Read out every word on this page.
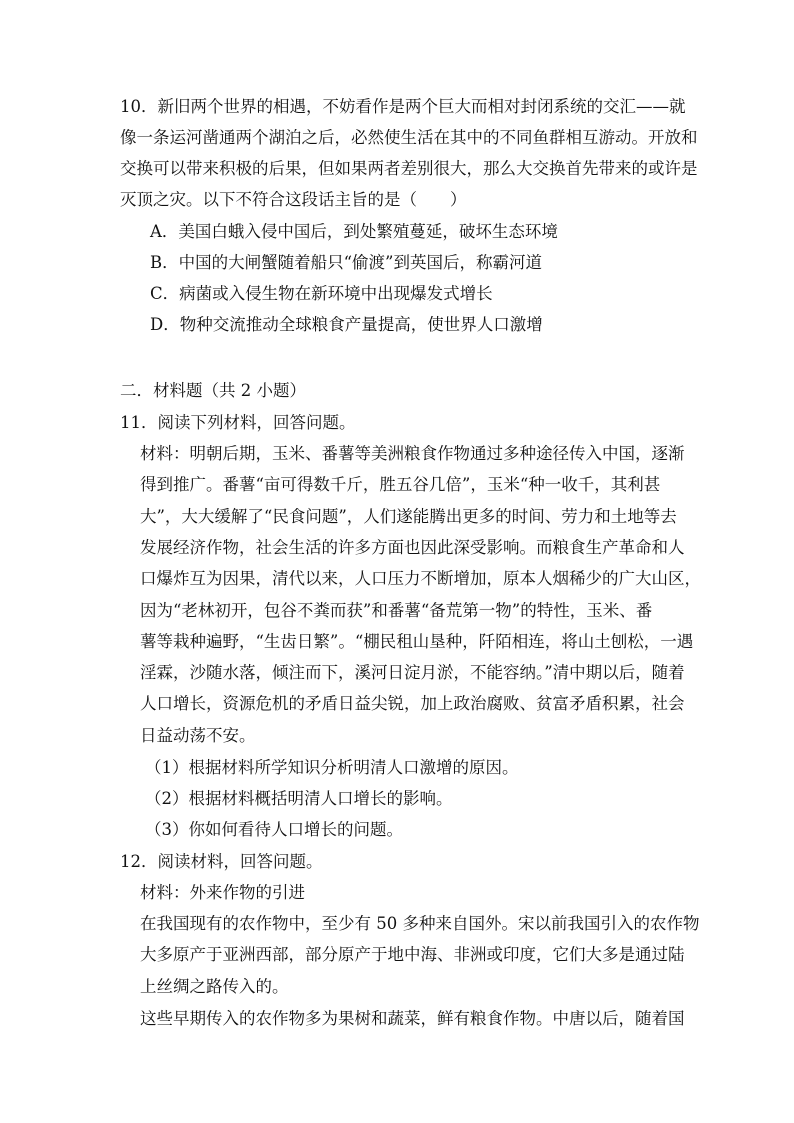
10．新旧两个世界的相遇，不妨看作是两个巨大而相对封闭系统的交汇——就
像一条运河凿通两个湖泊之后，必然使生活在其中的不同鱼群相互游动。开放和
交换可以带来积极的后果，但如果两者差别很大，那么大交换首先带来的或许是
灭顶之灾。以下不符合这段话主旨的是（　　）
A．美国白蛾入侵中国后，到处繁殖蔓延，破坏生态环境
B．中国的大闸蟹随着船只“偷渡”到英国后，称霸河道
C．病菌或入侵生物在新环境中出现爆发式增长
D．物种交流推动全球粮食产量提高，使世界人口激增
二．材料题（共 2 小题）
11．阅读下列材料，回答问题。
材料：明朝后期，玉米、番薯等美洲粮食作物通过多种途径传入中国，逐渐
得到推广。番薯“亩可得数千斤，胜五谷几倍”，玉米“种一收千，其利甚
大”，大大缓解了“民食问题”，人们遂能腾出更多的时间、劳力和土地等去
发展经济作物，社会生活的许多方面也因此深受影响。而粮食生产革命和人
口爆炸互为因果，清代以来，人口压力不断增加，原本人烟稀少的广大山区，
因为“老林初开，包谷不粪而获”和番薯“备荒第一物”的特性，玉米、番
薯等栽种遍野，“生齿日繁”。“棚民租山垦种，阡陌相连，将山土刨松，一遇
淫霖，沙随水落，倾注而下，溪河日淀月淤，不能容纳。”清中期以后，随着
人口增长，资源危机的矛盾日益尖锐，加上政治腐败、贫富矛盾积累，社会
日益动荡不安。
（1）根据材料所学知识分析明清人口激增的原因。
（2）根据材料概括明清人口增长的影响。
（3）你如何看待人口增长的问题。
12．阅读材料，回答问题。
材料：外来作物的引进
在我国现有的农作物中，至少有 50 多种来自国外。宋以前我国引入的农作物
大多原产于亚洲西部，部分原产于地中海、非洲或印度，它们大多是通过陆
上丝绸之路传入的。
这些早期传入的农作物多为果树和蔬菜，鲜有粮食作物。中唐以后，随着国
